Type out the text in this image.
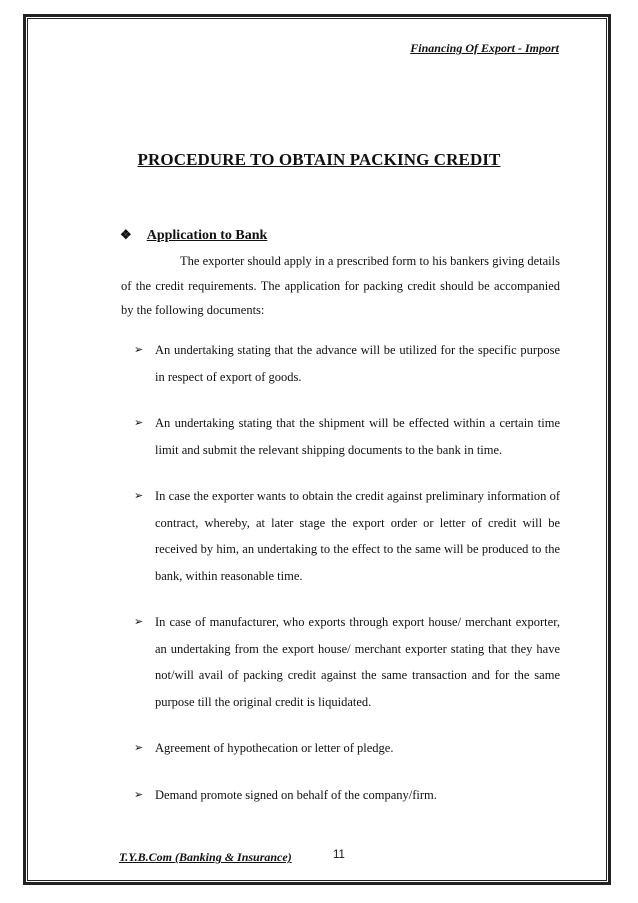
Financing Of Export - Import
PROCEDURE TO OBTAIN PACKING CREDIT
❖ Application to Bank

The exporter should apply in a prescribed form to his bankers giving details of the credit requirements. The application for packing credit should be accompanied by the following documents:

➢ An undertaking stating that the advance will be utilized for the specific purpose in respect of export of goods.
➢ An undertaking stating that the shipment will be effected within a certain time limit and submit the relevant shipping documents to the bank in time.
➢ In case the exporter wants to obtain the credit against preliminary information of contract, whereby, at later stage the export order or letter of credit will be received by him, an undertaking to the effect to the same will be produced to the bank, within reasonable time.
➢ In case of manufacturer, who exports through export house/ merchant exporter, an undertaking from the export house/ merchant exporter stating that they have not/will avail of packing credit against the same transaction and for the same purpose till the original credit is liquidated.
➢ Agreement of hypothecation or letter of pledge.
➢ Demand promote signed on behalf of the company/firm.
T.Y.B.Com (Banking & Insurance)	11
